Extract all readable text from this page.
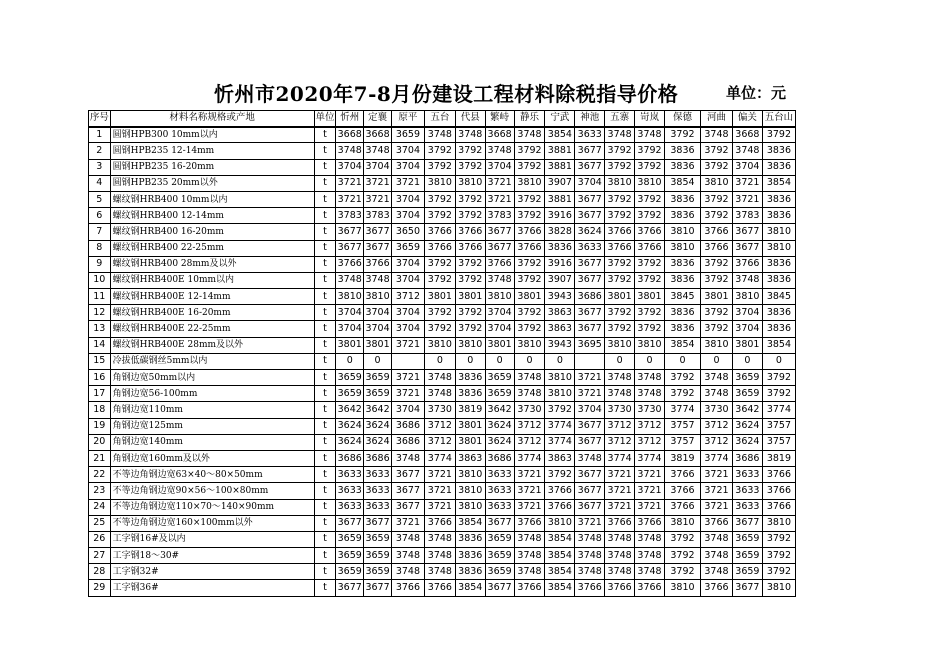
忻州市2020年7-8月份建设工程材料除税指导价格	单位：元
序号	材料名称规格或产地	单位	忻州	定襄	原平	五台	代县	繁峙	静乐	宁武	神池	五寨	岢岚	保德	河曲	偏关	五台山
1	圆钢HPB300 10mm以内	t	3668	3668	3659	3748	3748	3668	3748	3854	3633	3748	3748	3792	3748	3668	3792
2	圆钢HPB235 12-14mm	t	3748	3748	3704	3792	3792	3748	3792	3881	3677	3792	3792	3836	3792	3748	3836
3	圆钢HPB235 16-20mm	t	3704	3704	3704	3792	3792	3704	3792	3881	3677	3792	3792	3836	3792	3704	3836
4	圆钢HPB235 20mm以外	t	3721	3721	3721	3810	3810	3721	3810	3907	3704	3810	3810	3854	3810	3721	3854
5	螺纹钢HRB400 10mm以内	t	3721	3721	3704	3792	3792	3721	3792	3881	3677	3792	3792	3836	3792	3721	3836
6	螺纹钢HRB400 12-14mm	t	3783	3783	3704	3792	3792	3783	3792	3916	3677	3792	3792	3836	3792	3783	3836
7	螺纹钢HRB400 16-20mm	t	3677	3677	3650	3766	3766	3677	3766	3828	3624	3766	3766	3810	3766	3677	3810
8	螺纹钢HRB400 22-25mm	t	3677	3677	3659	3766	3766	3677	3766	3836	3633	3766	3766	3810	3766	3677	3810
9	螺纹钢HRB400 28mm及以外	t	3766	3766	3704	3792	3792	3766	3792	3916	3677	3792	3792	3836	3792	3766	3836
10	螺纹钢HRB400E 10mm以内	t	3748	3748	3704	3792	3792	3748	3792	3907	3677	3792	3792	3836	3792	3748	3836
11	螺纹钢HRB400E 12-14mm	t	3810	3810	3712	3801	3801	3810	3801	3943	3686	3801	3801	3845	3801	3810	3845
12	螺纹钢HRB400E 16-20mm	t	3704	3704	3704	3792	3792	3704	3792	3863	3677	3792	3792	3836	3792	3704	3836
13	螺纹钢HRB400E 22-25mm	t	3704	3704	3704	3792	3792	3704	3792	3863	3677	3792	3792	3836	3792	3704	3836
14	螺纹钢HRB400E 28mm及以外	t	3801	3801	3721	3810	3810	3801	3810	3943	3695	3810	3810	3854	3810	3801	3854
15	冷拔低碳钢丝5mm以内	t	0	0		0	0	0	0	0		0	0	0	0	0	0
16	角钢边宽50mm以内	t	3659	3659	3721	3748	3836	3659	3748	3810	3721	3748	3748	3792	3748	3659	3792
17	角钢边宽56-100mm	t	3659	3659	3721	3748	3836	3659	3748	3810	3721	3748	3748	3792	3748	3659	3792
18	角钢边宽110mm	t	3642	3642	3704	3730	3819	3642	3730	3792	3704	3730	3730	3774	3730	3642	3774
19	角钢边宽125mm	t	3624	3624	3686	3712	3801	3624	3712	3774	3677	3712	3712	3757	3712	3624	3757
20	角钢边宽140mm	t	3624	3624	3686	3712	3801	3624	3712	3774	3677	3712	3712	3757	3712	3624	3757
21	角钢边宽160mm及以外	t	3686	3686	3748	3774	3863	3686	3774	3863	3748	3774	3774	3819	3774	3686	3819
22	不等边角钢边宽63×40～80×50mm	t	3633	3633	3677	3721	3810	3633	3721	3792	3677	3721	3721	3766	3721	3633	3766
23	不等边角钢边宽90×56～100×80mm	t	3633	3633	3677	3721	3810	3633	3721	3766	3677	3721	3721	3766	3721	3633	3766
24	不等边角钢边宽110×70～140×90mm	t	3633	3633	3677	3721	3810	3633	3721	3766	3677	3721	3721	3766	3721	3633	3766
25	不等边角钢边宽160×100mm以外	t	3677	3677	3721	3766	3854	3677	3766	3810	3721	3766	3766	3810	3766	3677	3810
26	工字钢16#及以内	t	3659	3659	3748	3748	3836	3659	3748	3854	3748	3748	3748	3792	3748	3659	3792
27	工字钢18～30#	t	3659	3659	3748	3748	3836	3659	3748	3854	3748	3748	3748	3792	3748	3659	3792
28	工字钢32#	t	3659	3659	3748	3748	3836	3659	3748	3854	3748	3748	3748	3792	3748	3659	3792
29	工字钢36#	t	3677	3677	3766	3766	3854	3677	3766	3854	3766	3766	3766	3810	3766	3677	3810
